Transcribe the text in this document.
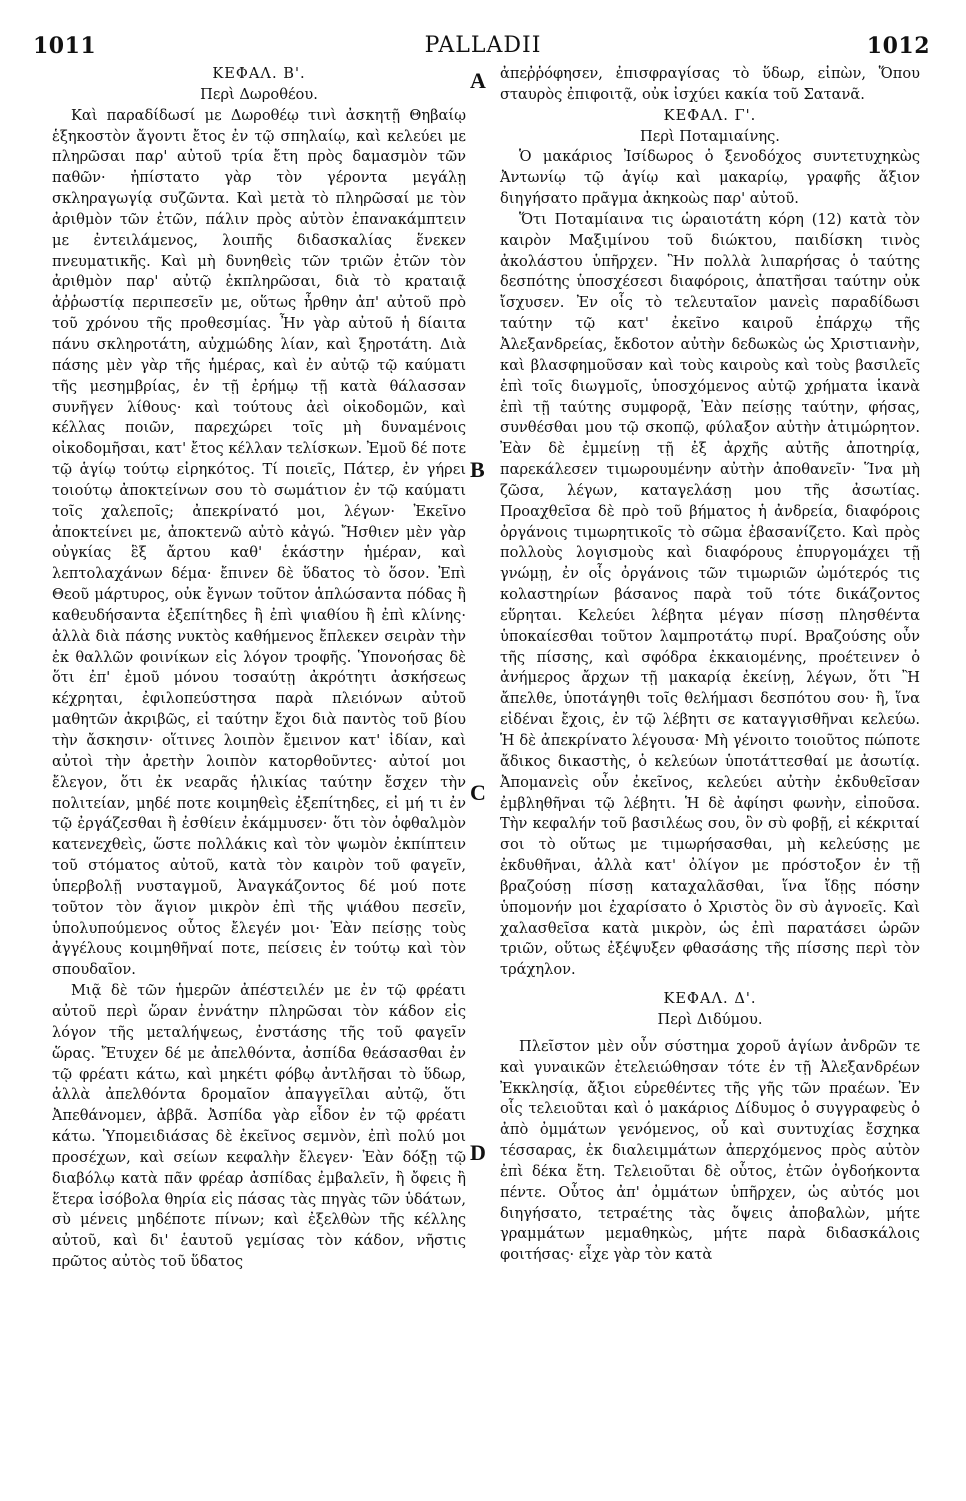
1011	PALLADII	1012
ΚΕΦΑΛ. Β'.
Περὶ Δωροθέου.

Καὶ παραδίδωσί με Δωροθέῳ τινὶ ἀσκητῇ Θηβαίῳ ἑξηκοστὸν ἄγοντι ἔτος ἐν τῷ σπηλαίῳ, καὶ κελεύει με πληρῶσαι παρ' αὐτοῦ τρία ἔτη πρὸς δαμασμὸν τῶν παθῶν· ἠπίστατο γὰρ τὸν γέροντα μεγάλῃ σκληραγωγίᾳ συζῶντα. Καὶ μετὰ τὸ πληρῶσαί με τὸν ἀριθμὸν τῶν ἐτῶν, πάλιν πρὸς αὐτὸν ἐπανακάμπτειν με ἐντειλάμενος, λοιπῆς διδασκαλίας ἕνεκεν πνευματικῆς. Καὶ μὴ δυνηθεὶς τῶν τριῶν ἐτῶν τὸν ἀριθμὸν παρ' αὐτῷ ἐκπληρῶσαι, διὰ τὸ κραταιᾷ ἀῤῥωστίᾳ περιπεσεῖν με, οὕτως ἦρθην ἀπ' αὐτοῦ πρὸ τοῦ χρόνου τῆς προθεσμίας. Ἦν γὰρ αὐτοῦ ἡ δίαιτα πάνυ σκληροτάτη, αὐχμώδης λίαν, καὶ ξηροτάτη. Διὰ πάσης μὲν γὰρ τῆς ἡμέρας, καὶ ἐν αὐτῷ τῷ καύματι τῆς μεσημβρίας, ἐν τῇ ἐρήμῳ τῇ κατὰ θάλασσαν συνῆγεν λίθους· καὶ τούτους ἀεὶ οἰκοδομῶν, καὶ κέλλας ποιῶν, παρεχώρει τοῖς μὴ δυναμένοις οἰκοδομῆσαι, κατ' ἔτος κέλλαν τελίσκων. Ἐμοῦ δέ ποτε τῷ ἁγίῳ τούτῳ εἰρηκότος. Τί ποιεῖς, Πάτερ, ἐν γήρει τοιούτῳ ἀποκτείνων σου τὸ σωμάτιον ἐν τῷ καύματι τοῖς χαλεποῖς; ἀπεκρίνατό μοι, λέγων· Ἐκεῖνο ἀποκτείνει με, ἀποκτενῶ αὐτὸ κἀγώ. Ἤσθιεν μὲν γὰρ οὐγκίας ἓξ ἄρτου καθ' ἑκάστην ἡμέραν, καὶ λεπτολαχάνων δέμα· ἔπινεν δὲ ὕδατος τὸ ὅσον. Ἐπὶ Θεοῦ μάρτυρος, οὐκ ἔγνων τοῦτον ἁπλώσαντα πόδας ἢ καθευδήσαντα ἐξεπίτηδες ἢ ἐπὶ ψιαθίου ἢ ἐπὶ κλίνης· ἀλλὰ διὰ πάσης νυκτὸς καθήμενος ἔπλεκεν σειρὰν τὴν ἐκ θαλλῶν φοινίκων εἰς λόγον τροφῆς. Ὑπονοήσας δὲ ὅτι ἐπ' ἐμοῦ μόνου τοσαύτῃ ἀκρότητι ἀσκήσεως κέχρηται, ἐφιλοπεύστησα παρὰ πλειόνων αὐτοῦ μαθητῶν ἀκριβῶς, εἰ ταύτην ἔχοι διὰ παντὸς τοῦ βίου τὴν ἄσκησιν· οἵτινες λοιπὸν ἔμεινον κατ' ἰδίαν, καὶ αὐτοὶ τὴν ἀρετὴν λοιπὸν κατορθοῦντες· αὐτοί μοι ἔλεγον, ὅτι ἐκ νεαρᾶς ἡλικίας ταύτην ἔσχεν τὴν πολιτείαν, μηδέ ποτε κοιμηθεὶς ἐξεπίτηδες, εἰ μή τι ἐν τῷ ἐργάζεσθαι ἢ ἐσθίειν ἐκάμμυσεν· ὅτι τὸν ὀφθαλμὸν κατενεχθεὶς, ὥστε πολλάκις καὶ τὸν ψωμὸν ἐκπίπτειν τοῦ στόματος αὐτοῦ, κατὰ τὸν καιρὸν τοῦ φαγεῖν, ὑπερβολῇ νυσταγμοῦ, Ἀναγκάζοντος δέ μού ποτε τοῦτον τὸν ἅγιον μικρὸν ἐπὶ τῆς ψιάθου πεσεῖν, ὑπολυπούμενος οὗτος ἔλεγέν μοι· Ἐὰν πείσῃς τοὺς ἀγγέλους κοιμηθῆναί ποτε, πείσεις ἐν τούτῳ καὶ τὸν σπουδαῖον.

Μιᾷ δὲ τῶν ἡμερῶν ἀπέστειλέν με ἐν τῷ φρέατι αὐτοῦ περὶ ὥραν ἐννάτην πληρῶσαι τὸν κάδον εἰς λόγον τῆς μεταλήψεως, ἐνστάσης τῆς τοῦ φαγεῖν ὥρας. Ἔτυχεν δέ με ἀπελθόντα, ἀσπίδα θεάσασθαι ἐν τῷ φρέατι κάτω, καὶ μηκέτι φόβῳ ἀντλῆσαι τὸ ὕδωρ, ἀλλὰ ἀπελθόντα δρομαῖον ἀπαγγεῖλαι αὐτῷ, ὅτι Ἀπεθάνομεν, ἀββᾶ. Ἀσπίδα γὰρ εἶδον ἐν τῷ φρέατι κάτω. Ὑπομειδιάσας δὲ ἐκεῖνος σεμνὸν, ἐπὶ πολύ μοι προσέχων, καὶ σείων κεφαλὴν ἔλεγεν· Ἐὰν δόξῃ τῷ διαβόλῳ κατὰ πᾶν φρέαρ ἀσπίδας ἐμβαλεῖν, ἢ ὄφεις ἢ ἕτερα ἰσόβολα θηρία εἰς πάσας τὰς πηγὰς τῶν ὑδάτων, σὺ μένεις μηδέποτε πίνων; καὶ ἐξελθὼν τῆς κέλλης αὐτοῦ, καὶ δι' ἑαυτοῦ γεμίσας τὸν κάδον, νῆστις πρῶτος αὐτὸς τοῦ ὕδατος

A
B
C
D

ἀπεῤῥόφησεν, ἐπισφραγίσας τὸ ὕδωρ, εἰπὼν, Ὅπου σταυρὸς ἐπιφοιτᾷ, οὐκ ἰσχύει κακία τοῦ Σατανᾶ.

ΚΕΦΑΛ. Γ'.
Περὶ Ποταμιαίνης.

Ὁ μακάριος Ἰσίδωρος ὁ ξενοδόχος συντετυχηκὼς Ἀντωνίῳ τῷ ἁγίῳ καὶ μακαρίῳ, γραφῆς ἄξιον διηγήσατο πρᾶγμα ἀκηκοὼς παρ' αὐτοῦ.

Ὅτι Ποταμίαινα τις ὡραιοτάτη κόρη (12) κατὰ τὸν καιρὸν Μαξιμίνου τοῦ διώκτου, παιδίσκη τινὸς ἀκολάστου ὑπῆρχεν. Ἣν πολλὰ λιπαρήσας ὁ ταύτης δεσπότης ὑποσχέσεσι διαφόροις, ἀπατῆσαι ταύτην οὐκ ἴσχυσεν. Ἐν οἷς τὸ τελευταῖον μανεὶς παραδίδωσι ταύτην τῷ κατ' ἐκεῖνο καιροῦ ἐπάρχῳ τῆς Ἀλεξανδρείας, ἔκδοτον αὐτὴν δεδωκὼς ὡς Χριστιανὴν, καὶ βλασφημοῦσαν καὶ τοὺς καιροὺς καὶ τοὺς βασιλεῖς ἐπὶ τοῖς διωγμοῖς, ὑποσχόμενος αὐτῷ χρήματα ἱκανὰ ἐπὶ τῇ ταύτης συμφορᾷ, Ἐὰν πείσῃς ταύτην, φήσας, συνθέσθαι μου τῷ σκοπῷ, φύλαξον αὐτὴν ἀτιμώρητον. Ἐὰν δὲ ἐμμείνῃ τῇ ἐξ ἀρχῆς αὐτῆς ἀποτηρίᾳ, παρεκάλεσεν τιμωρουμένην αὐτὴν ἀποθανεῖν· Ἵνα μὴ ζῶσα, λέγων, καταγελάσῃ μου τῆς ἀσωτίας. Προαχθεῖσα δὲ πρὸ τοῦ βήματος ἡ ἀνδρεία, διαφόροις ὀργάνοις τιμωρητικοῖς τὸ σῶμα ἐβασανίζετο. Καὶ πρὸς πολλοὺς λογισμοὺς καὶ διαφόρους ἐπυργομάχει τῇ γνώμῃ, ἐν οἷς ὀργάνοις τῶν τιμωριῶν ὠμότερός τις κολαστηρίων βάσανος παρὰ τοῦ τότε δικάζοντος εὕρηται. Κελεύει λέβητα μέγαν πίσσῃ πλησθέντα ὑποκαίεσθαι τοῦτον λαμπροτάτῳ πυρί. Βραζούσης οὖν τῆς πίσσης, καὶ σφόδρα ἐκκαιομένης, προέτεινεν ὁ ἀνήμερος ἄρχων τῇ μακαρίᾳ ἐκείνῃ, λέγων, ὅτι Ἢ ἄπελθε, ὑποτάγηθι τοῖς θελήμασι δεσπότου σου· ἢ, ἵνα εἰδέναι ἔχοις, ἐν τῷ λέβητι σε καταγγισθῆναι κελεύω. Ἡ δὲ ἀπεκρίνατο λέγουσα· Μὴ γένοιτο τοιοῦτος πώποτε ἄδικος δικαστὴς, ὁ κελεύων ὑποτάττεσθαί με ἀσωτίᾳ. Ἀπομανεὶς οὖν ἐκεῖνος, κελεύει αὐτὴν ἐκδυθεῖσαν ἐμβληθῆναι τῷ λέβητι. Ἡ δὲ ἀφίησι φωνὴν, εἰποῦσα. Τὴν κεφαλήν τοῦ βασιλέως σου, ὃν σὺ φοβῇ, εἰ κέκριταί σοι τὸ οὕτως με τιμωρήσασθαι, μὴ κελεύσῃς με ἐκδυθῆναι, ἀλλὰ κατ' ὀλίγον με πρόστοξον ἐν τῇ βραζούσῃ πίσσῃ καταχαλᾶσθαι, ἵνα ἴδῃς πόσην ὑπομονήν μοι ἐχαρίσατο ὁ Χριστὸς ὃν σὺ ἀγνοεῖς. Καὶ χαλασθεῖσα κατὰ μικρὸν, ὡς ἐπὶ παρατάσει ὡρῶν τριῶν, οὕτως ἐξέψυξεν φθασάσης τῆς πίσσης περὶ τὸν τράχηλον.

ΚΕΦΑΛ. Δ'.
Περὶ Διδύμου.

Πλεῖστον μὲν οὖν σύστημα χοροῦ ἁγίων ἀνδρῶν τε καὶ γυναικῶν ἐτελειώθησαν τότε ἐν τῇ Ἀλεξανδρέων Ἐκκλησίᾳ, ἄξιοι εὑρεθέντες τῆς γῆς τῶν πραέων. Ἐν οἷς τελειοῦται καὶ ὁ μακάριος Δίδυμος ὁ συγγραφεὺς ὁ ἀπὸ ὀμμάτων γενόμενος, οὗ καὶ συντυχίας ἔσχηκα τέσσαρας, ἐκ διαλειμμάτων ἀπερχόμενος πρὸς αὐτὸν ἐπὶ δέκα ἔτη. Τελειοῦται δὲ οὗτος, ἐτῶν ὀγδοήκοντα πέντε. Οὗτος ἀπ' ὀμμάτων ὑπῆρχεν, ὡς αὐτός μοι διηγήσατο, τετραέτης τὰς ὄψεις ἀποβαλὼν, μήτε γραμμάτων μεμαθηκὼς, μήτε παρὰ διδασκάλοις φοιτήσας· εἶχε γὰρ τὸν κατὰ
